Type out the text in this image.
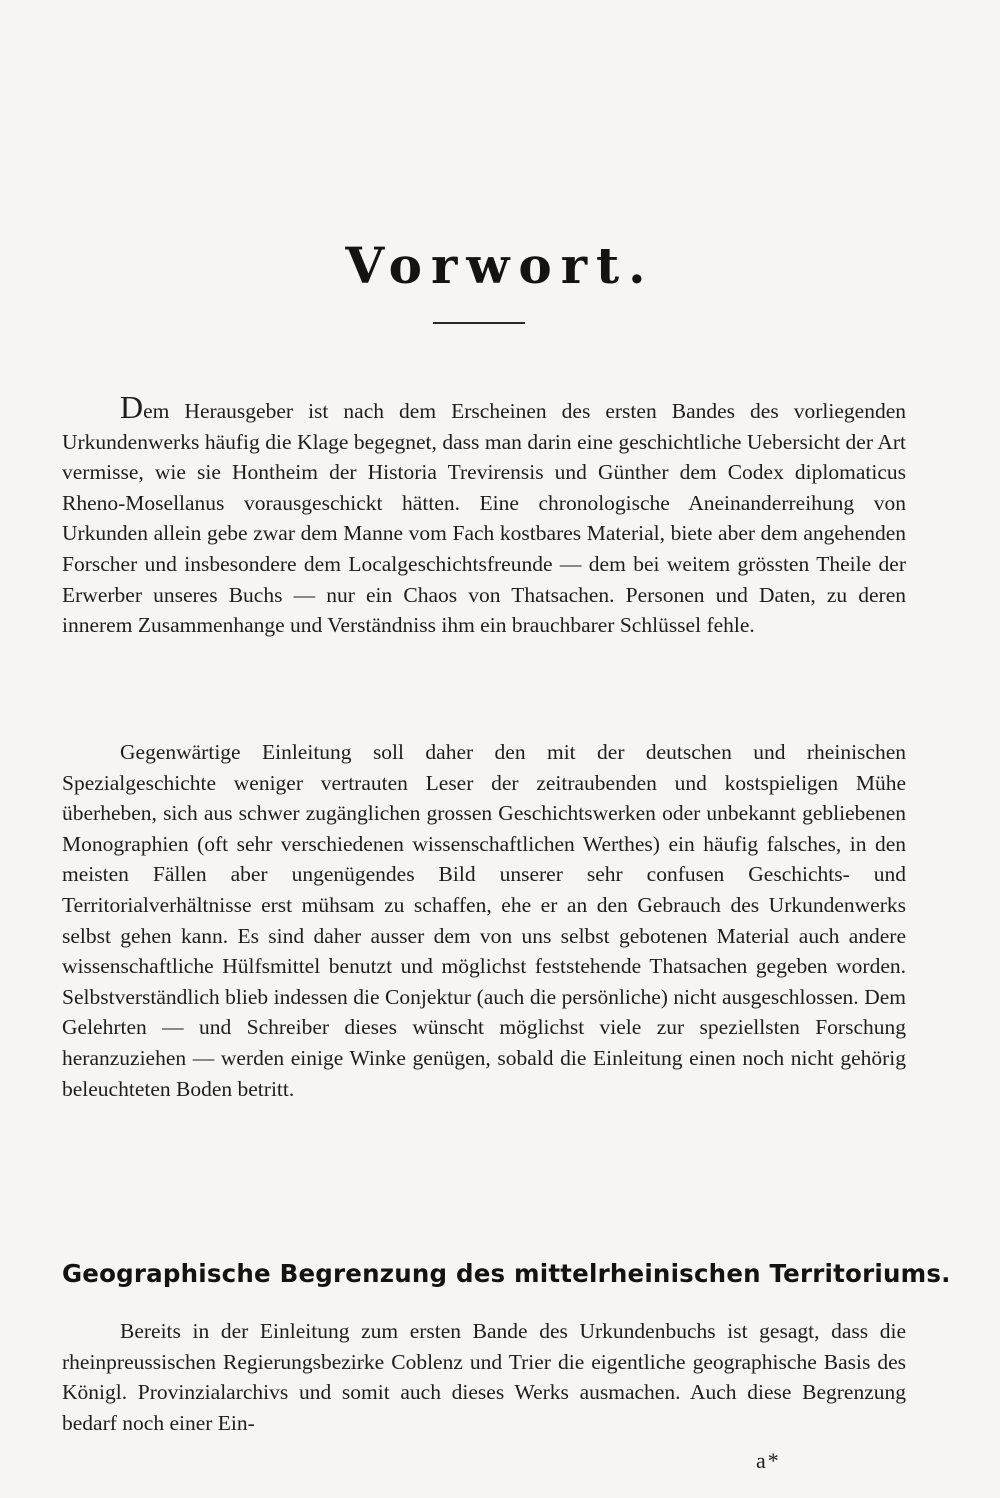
Vorwort.

Dem Herausgeber ist nach dem Erscheinen des ersten Bandes des vorliegenden Urkundenwerks häufig die Klage begegnet, dass man darin eine geschichtliche Uebersicht der Art vermisse, wie sie Hontheim der Historia Trevirensis und Günther dem Codex diplomaticus Rheno-Mosellanus vorausgeschickt hätten. Eine chronologische Aneinanderreihung von Urkunden allein gebe zwar dem Manne vom Fach kostbares Material, biete aber dem angehenden Forscher und insbesondere dem Localgeschichtsfreunde — dem bei weitem grössten Theile der Erwerber unseres Buchs — nur ein Chaos von Thatsachen. Personen und Daten, zu deren innerem Zusammenhange und Verständniss ihm ein brauchbarer Schlüssel fehle.

Gegenwärtige Einleitung soll daher den mit der deutschen und rheinischen Spezialgeschichte weniger vertrauten Leser der zeitraubenden und kostspieligen Mühe überheben, sich aus schwer zugänglichen grossen Geschichtswerken oder unbekannt gebliebenen Monographien (oft sehr verschiedenen wissenschaftlichen Werthes) ein häufig falsches, in den meisten Fällen aber ungenügendes Bild unserer sehr confusen Geschichts- und Territorialverhältnisse erst mühsam zu schaffen, ehe er an den Gebrauch des Urkundenwerks selbst gehen kann. Es sind daher ausser dem von uns selbst gebotenen Material auch andere wissenschaftliche Hülfsmittel benutzt und möglichst feststehende Thatsachen gegeben worden. Selbstverständlich blieb indessen die Conjektur (auch die persönliche) nicht ausgeschlossen. Dem Gelehrten — und Schreiber dieses wünscht möglichst viele zur speziellsten Forschung heranzuziehen — werden einige Winke genügen, sobald die Einleitung einen noch nicht gehörig beleuchteten Boden betritt.

Geographische Begrenzung des mittelrheinischen Territoriums.

Bereits in der Einleitung zum ersten Bande des Urkundenbuchs ist gesagt, dass die rheinpreussischen Regierungsbezirke Coblenz und Trier die eigentliche geographische Basis des Königl. Provinzialarchivs und somit auch dieses Werks ausmachen. Auch diese Begrenzung bedarf noch einer Ein-

a*
